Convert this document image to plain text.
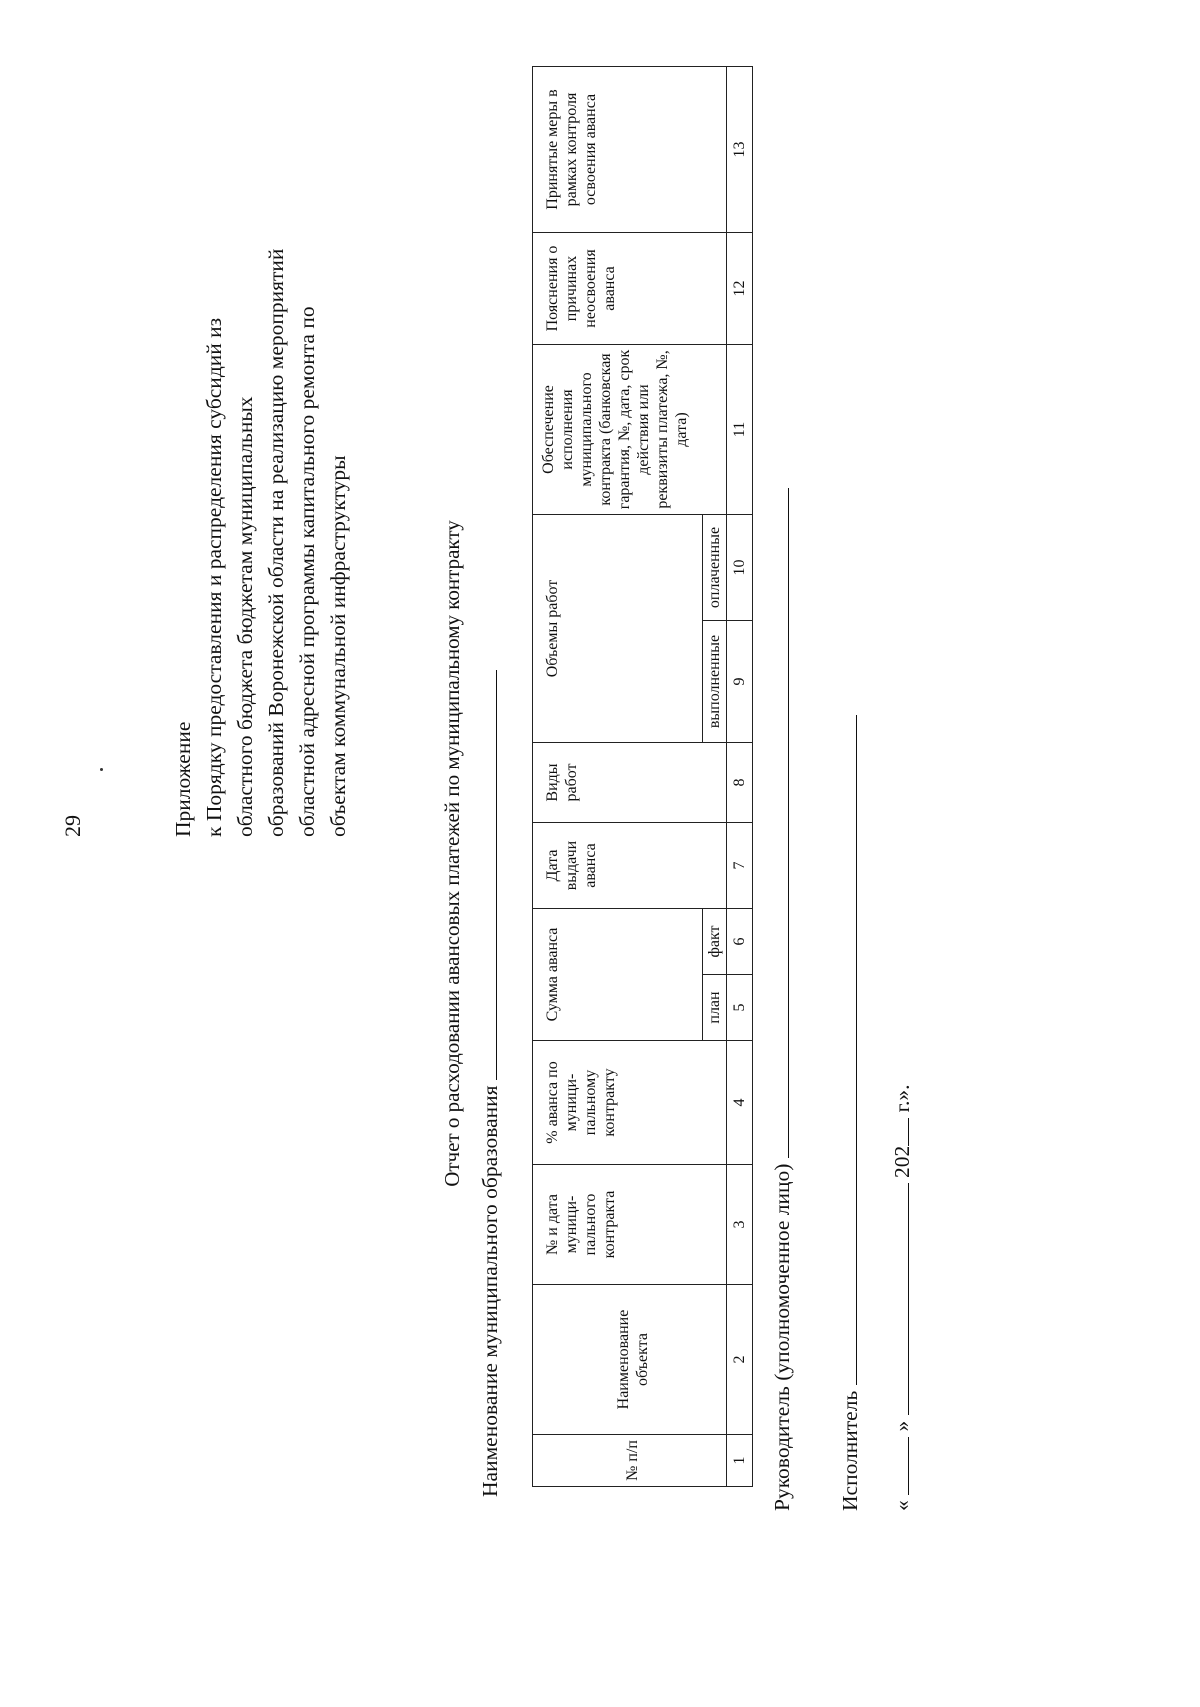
29	Приложение к Порядку предоставления и распределения субсидий из областного бюджета бюджетам муниципальных образований Воронежской области на реализацию мероприятий областной адресной программы капитального ремонта по объектам коммунальной инфраструктуры	Отчет о расходовании авансовых платежей по муниципальному контракту
Наименование муниципального образования	№ п/п	Наименование объекта	№ и дата муници-пального контракта	% аванса по муници-пальному контракту	Сумма аванса		Дата выдачи аванса	Виды работ	Объемы работ		Обеспечение исполнения муниципального контракта (банковская гарантия, №, дата, срок действия или реквизиты платежа, №, дата)	Пояснения о причинах неосвоения аванса	Принятые меры в рамках контроля освоения аванса
				план	факт			выполненные	оплаченные			
1	2	3	4	5	6	7	8	9	10	11	12	13
Руководитель (уполномоченное лицо) Исполнитель «  »  202 г.».
